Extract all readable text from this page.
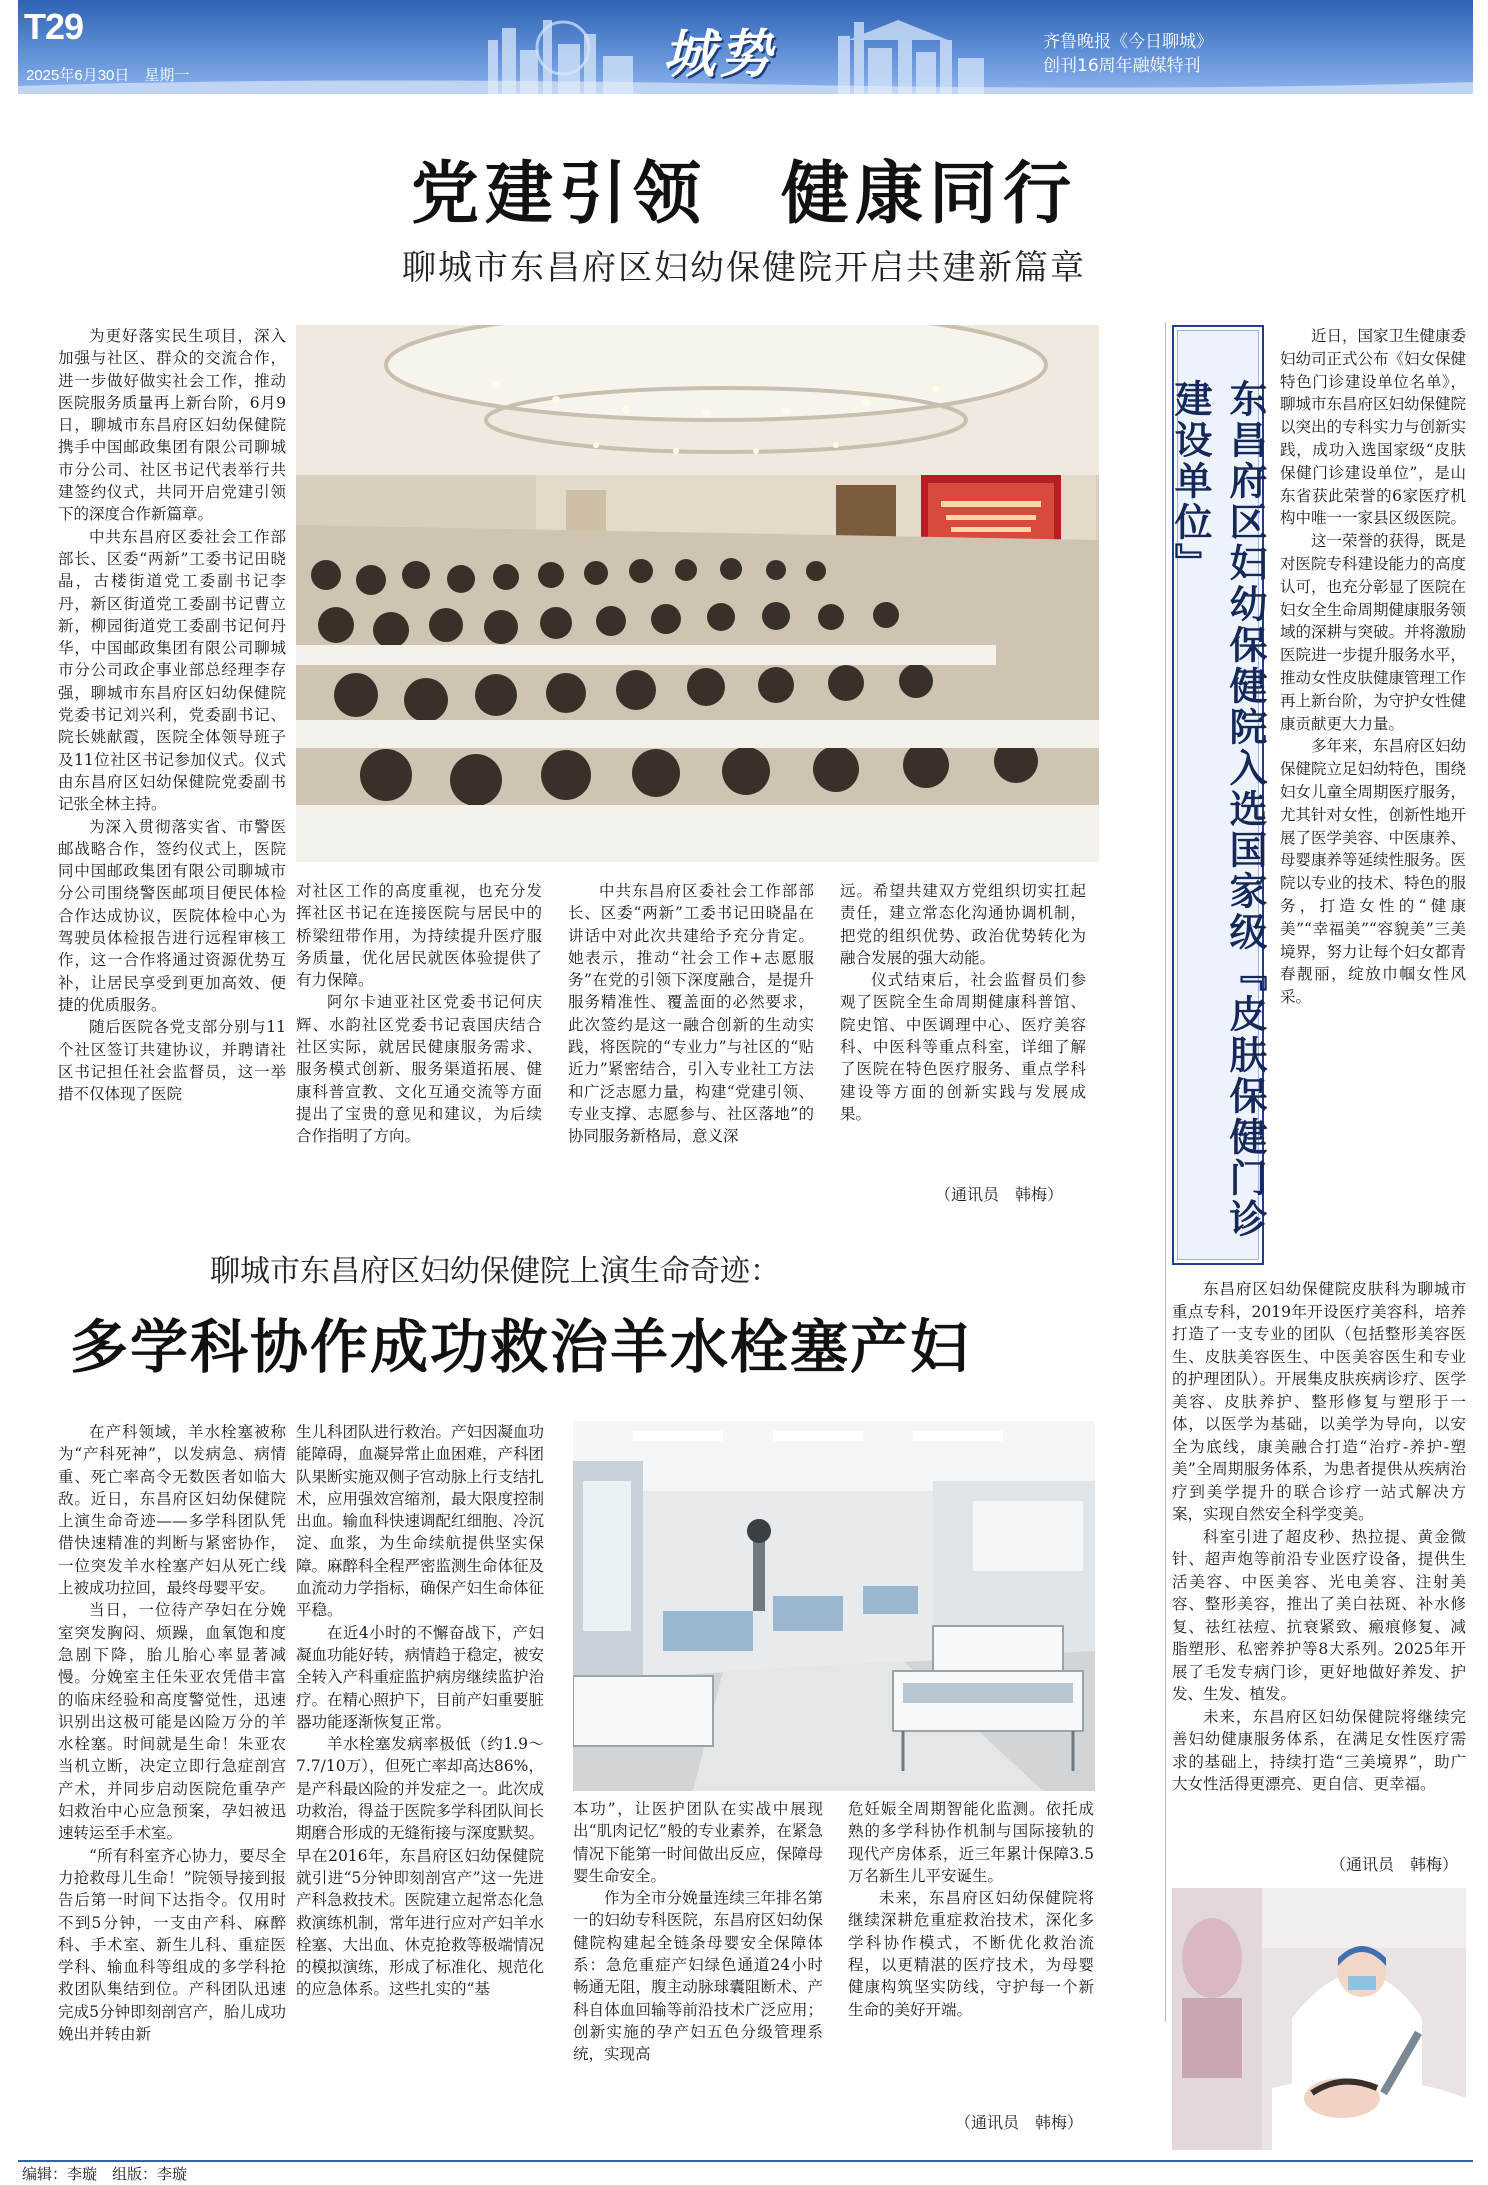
T29
2025年6月30日　星期一	城势	齐鲁晚报《今日聊城》
创刊16周年融媒特刊
党建引领　健康同行
聊城市东昌府区妇幼保健院开启共建新篇章

为更好落实民生项目，深入加强与社区、群众的交流合作，进一步做好做实社会工作，推动医院服务质量再上新台阶，6月9日，聊城市东昌府区妇幼保健院携手中国邮政集团有限公司聊城市分公司、社区书记代表举行共建签约仪式，共同开启党建引领下的深度合作新篇章。

中共东昌府区委社会工作部部长、区委“两新”工委书记田晓晶，古楼街道党工委副书记李丹，新区街道党工委副书记曹立新，柳园街道党工委副书记何丹华，中国邮政集团有限公司聊城市分公司政企事业部总经理李存强，聊城市东昌府区妇幼保健院党委书记刘兴利，党委副书记、院长姚献霞，医院全体领导班子及11位社区书记参加仪式。仪式由东昌府区妇幼保健院党委副书记张全林主持。

为深入贯彻落实省、市警医邮战略合作，签约仪式上，医院同中国邮政集团有限公司聊城市分公司围绕警医邮项目便民体检合作达成协议，医院体检中心为驾驶员体检报告进行远程审核工作，这一合作将通过资源优势互补，让居民享受到更加高效、便捷的优质服务。

随后医院各党支部分别与11个社区签订共建协议，并聘请社区书记担任社会监督员，这一举措不仅体现了医院

对社区工作的高度重视，也充分发挥社区书记在连接医院与居民中的桥梁纽带作用，为持续提升医疗服务质量，优化居民就医体验提供了有力保障。

阿尔卡迪亚社区党委书记何庆辉、水韵社区党委书记袁国庆结合社区实际，就居民健康服务需求、服务模式创新、服务渠道拓展、健康科普宣教、文化互通交流等方面提出了宝贵的意见和建议，为后续合作指明了方向。

中共东昌府区委社会工作部部长、区委“两新”工委书记田晓晶在讲话中对此次共建给予充分肯定。她表示，推动“社会工作+志愿服务”在党的引领下深度融合，是提升服务精准性、覆盖面的必然要求，此次签约是这一融合创新的生动实践，将医院的“专业力”与社区的“贴近力”紧密结合，引入专业社工方法和广泛志愿力量，构建“党建引领、专业支撑、志愿参与、社区落地”的协同服务新格局，意义深

远。希望共建双方党组织切实扛起责任，建立常态化沟通协调机制，把党的组织优势、政治优势转化为融合发展的强大动能。

仪式结束后，社会监督员们参观了医院全生命周期健康科普馆、院史馆、中医调理中心、医疗美容科、中医科等重点科室，详细了解了医院在特色医疗服务、重点学科建设等方面的创新实践与发展成果。

（通讯员　韩梅）
聊城市东昌府区妇幼保健院上演生命奇迹：
多学科协作成功救治羊水栓塞产妇

在产科领域，羊水栓塞被称为“产科死神”，以发病急、病情重、死亡率高令无数医者如临大敌。近日，东昌府区妇幼保健院上演生命奇迹——多学科团队凭借快速精准的判断与紧密协作，一位突发羊水栓塞产妇从死亡线上被成功拉回，最终母婴平安。

当日，一位待产孕妇在分娩室突发胸闷、烦躁，血氧饱和度急剧下降，胎儿胎心率显著减慢。分娩室主任朱亚农凭借丰富的临床经验和高度警觉性，迅速识别出这极可能是凶险万分的羊水栓塞。时间就是生命！朱亚农当机立断，决定立即行急症剖宫产术，并同步启动医院危重孕产妇救治中心应急预案，孕妇被迅速转运至手术室。

“所有科室齐心协力，要尽全力抢救母儿生命！”院领导接到报告后第一时间下达指令。仅用时不到5分钟，一支由产科、麻醉科、手术室、新生儿科、重症医学科、输血科等组成的多学科抢救团队集结到位。产科团队迅速完成5分钟即刻剖宫产，胎儿成功娩出并转由新

生儿科团队进行救治。产妇因凝血功能障碍，血凝异常止血困难，产科团队果断实施双侧子宫动脉上行支结扎术，应用强效宫缩剂，最大限度控制出血。输血科快速调配红细胞、冷沉淀、血浆，为生命续航提供坚实保障。麻醉科全程严密监测生命体征及血流动力学指标，确保产妇生命体征平稳。

在近4小时的不懈奋战下，产妇凝血功能好转，病情趋于稳定，被安全转入产科重症监护病房继续监护治疗。在精心照护下，目前产妇重要脏器功能逐渐恢复正常。

羊水栓塞发病率极低（约1.9～7.7/10万），但死亡率却高达86%，是产科最凶险的并发症之一。此次成功救治，得益于医院多学科团队间长期磨合形成的无缝衔接与深度默契。早在2016年，东昌府区妇幼保健院就引进“5分钟即刻剖宫产”这一先进产科急救技术。医院建立起常态化急救演练机制，常年进行应对产妇羊水栓塞、大出血、休克抢救等极端情况的模拟演练，形成了标准化、规范化的应急体系。这些扎实的“基

本功”，让医护团队在实战中展现出“肌肉记忆”般的专业素养，在紧急情况下能第一时间做出反应，保障母婴生命安全。

作为全市分娩量连续三年排名第一的妇幼专科医院，东昌府区妇幼保健院构建起全链条母婴安全保障体系：急危重症产妇绿色通道24小时畅通无阻，腹主动脉球囊阻断术、产科自体血回输等前沿技术广泛应用；创新实施的孕产妇五色分级管理系统，实现高

危妊娠全周期智能化监测。依托成熟的多学科协作机制与国际接轨的现代产房体系，近三年累计保障3.5万名新生儿平安诞生。

未来，东昌府区妇幼保健院将继续深耕危重症救治技术，深化多学科协作模式，不断优化救治流程，以更精湛的医疗技术，为母婴健康构筑坚实防线，守护每一个新生命的美好开端。

（通讯员　韩梅）
东昌府区妇幼保健院入选国家级『皮肤保健门诊建设单位』

近日，国家卫生健康委妇幼司正式公布《妇女保健特色门诊建设单位名单》，聊城市东昌府区妇幼保健院以突出的专科实力与创新实践，成功入选国家级“皮肤保健门诊建设单位”，是山东省获此荣誉的6家医疗机构中唯一一家县区级医院。

这一荣誉的获得，既是对医院专科建设能力的高度认可，也充分彰显了医院在妇女全生命周期健康服务领域的深耕与突破。并将激励医院进一步提升服务水平，推动女性皮肤健康管理工作再上新台阶，为守护女性健康贡献更大力量。

多年来，东昌府区妇幼保健院立足妇幼特色，围绕妇女儿童全周期医疗服务，尤其针对女性，创新性地开展了医学美容、中医康养、母婴康养等延续性服务。医院以专业的技术、特色的服务，打造女性的“健康美”“幸福美”“容貌美”三美境界，努力让每个妇女都青春靓丽，绽放巾帼女性风采。

东昌府区妇幼保健院皮肤科为聊城市重点专科，2019年开设医疗美容科，培养打造了一支专业的团队（包括整形美容医生、皮肤美容医生、中医美容医生和专业的护理团队）。开展集皮肤疾病诊疗、医学美容、皮肤养护、整形修复与塑形于一体，以医学为基础，以美学为导向，以安全为底线，康美融合打造“治疗-养护-塑美”全周期服务体系，为患者提供从疾病治疗到美学提升的联合诊疗一站式解决方案，实现自然安全科学变美。

科室引进了超皮秒、热拉提、黄金微针、超声炮等前沿专业医疗设备，提供生活美容、中医美容、光电美容、注射美容、整形美容，推出了美白祛斑、补水修复、祛红祛痘、抗衰紧致、瘢痕修复、减脂塑形、私密养护等8大系列。2025年开展了毛发专病门诊，更好地做好养发、护发、生发、植发。

未来，东昌府区妇幼保健院将继续完善妇幼健康服务体系，在满足女性医疗需求的基础上，持续打造“三美境界”，助广大女性活得更漂亮、更自信、更幸福。

（通讯员　韩梅）
编辑：李璇　组版：李璇
